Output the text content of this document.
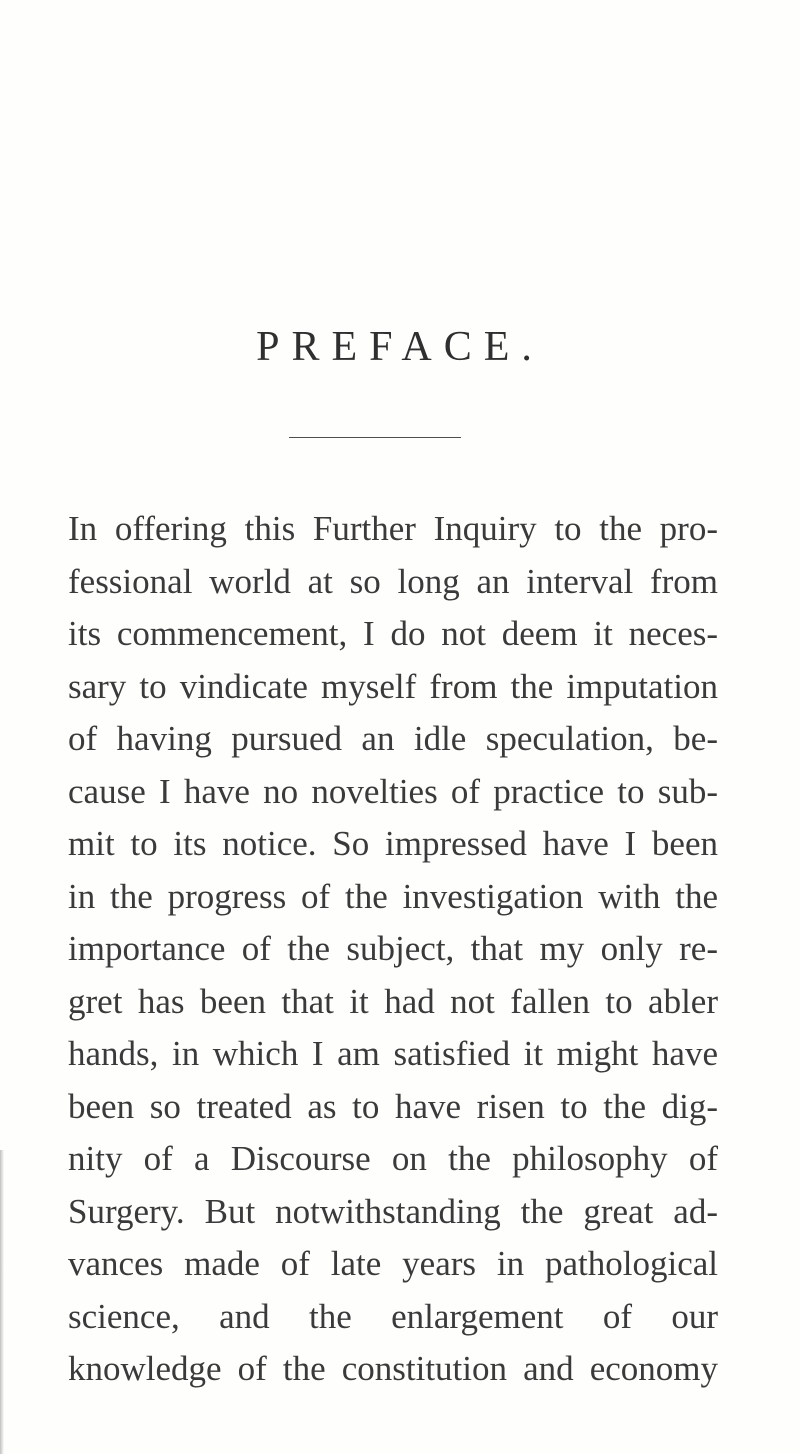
PREFACE.
In offering this Further Inquiry to the pro-
fessional world at so long an interval from
its commencement, I do not deem it neces-
sary to vindicate myself from the imputation
of having pursued an idle speculation, be-
cause I have no novelties of practice to sub-
mit to its notice. So impressed have I been
in the progress of the investigation with the
importance of the subject, that my only re-
gret has been that it had not fallen to abler
hands, in which I am satisfied it might have
been so treated as to have risen to the dig-
nity of a Discourse on the philosophy of
Surgery. But notwithstanding the great ad-
vances made of late years in pathological
science, and the enlargement of our
knowledge of the constitution and economy
